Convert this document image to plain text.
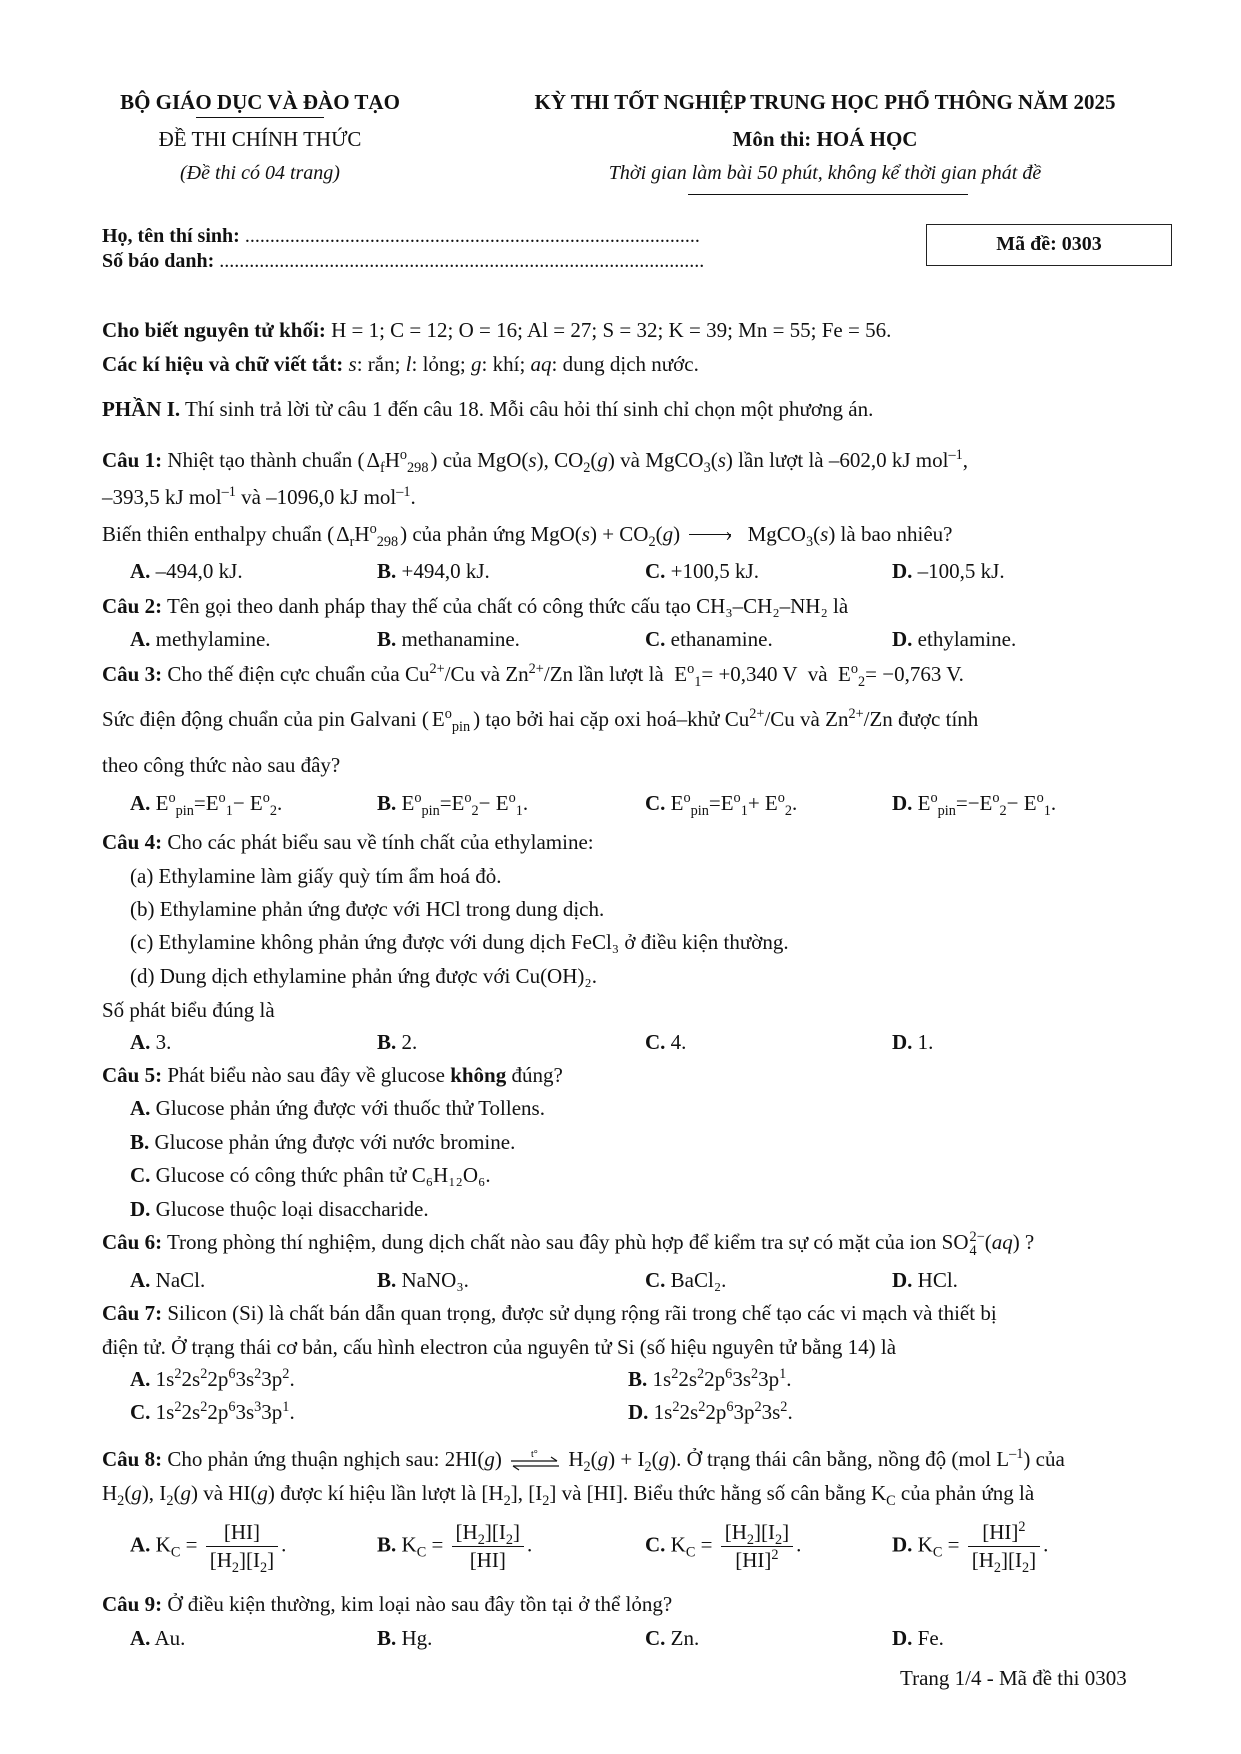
BỘ GIÁO DỤC VÀ ĐÀO TẠO
ĐỀ THI CHÍNH THỨC
(Đề thi có 04 trang)
KỲ THI TỐT NGHIỆP TRUNG HỌC PHỔ THÔNG NĂM 2025
Môn thi: HOÁ HỌC
Thời gian làm bài 50 phút, không kể thời gian phát đề
Họ, tên thí sinh: ...........................................................................................
Số báo danh: .................................................................................................
Mã đề: 0303
Cho biết nguyên tử khối: H = 1; C = 12; O = 16; Al = 27; S = 32; K = 39; Mn = 55; Fe = 56.
Các kí hiệu và chữ viết tắt: s: rắn; l: lỏng; g: khí; aq: dung dịch nước.
PHẦN I. Thí sinh trả lời từ câu 1 đến câu 18. Mỗi câu hỏi thí sinh chỉ chọn một phương án.
Câu 1: Nhiệt tạo thành chuẩn $(\Delta_fH^o_{298})$ của MgO(s), $CO_2(g)$ và MgCO$_3$(s) lần lượt là –602,0 kJ mol$^{-1}$,
–393,5 kJ mol$^{-1}$ và –1096,0 kJ mol$^{-1}$.
Biến thiên enthalpy chuẩn $(\Delta_rH^o_{298})$ của phản ứng $MgO(s) + CO_2(g)$ › MgCO$_3$(s) là bao nhiêu?
A. –494,0 kJ.	B. +494,0 kJ.	C. +100,5 kJ.	D. –100,5 kJ.
Câu 2: Tên gọi theo danh pháp thay thế của chất có công thức cấu tạo CH₃–CH₂–NH₂ là
A. methylamine.	B. methanamine.	C. ethanamine.	D. ethylamine.
Câu 3: Cho thế điện cực chuẩn của $Cu^{2+}/Cu$ và $Zn^{2+}/Zn$ lần lượt là  $E^o_1= +0,340$ V  và  $E^o_2= -0,763$ V.
Sức điện động chuẩn của pin Galvani ( $E^o_{pin}$ ) tạo bởi hai cặp oxi hoá–khử $Cu^{2+}/Cu$ và $Zn^{2+}/Zn$ được tính
theo công thức nào sau đây?
A. $E^o_{pin}=E^o_1- E^o_2$.	B. $E^o_{pin}=E^o_2- E^o_1$.	C. $E^o_{pin}=E^o_1+ E^o_2$.	D. $E^o_{pin}=-E^o_2- E^o_1$.
Câu 4: Cho các phát biểu sau về tính chất của ethylamine:
(a) Ethylamine làm giấy quỳ tím ẩm hoá đỏ.
(b) Ethylamine phản ứng được với HCl trong dung dịch.
(c) Ethylamine không phản ứng được với dung dịch FeCl₃ ở điều kiện thường.
(d) Dung dịch ethylamine phản ứng được với Cu(OH)₂.
Số phát biểu đúng là
A. 3.	B. 2.	C. 4.	D. 1.
Câu 5: Phát biểu nào sau đây về glucose không đúng?
A. Glucose phản ứng được với thuốc thử Tollens.
B. Glucose phản ứng được với nước bromine.
C. Glucose có công thức phân tử C₆H₁₂O₆.
D. Glucose thuộc loại disaccharide.
Câu 6: Trong phòng thí nghiệm, dung dịch chất nào sau đây phù hợp để kiểm tra sự có mặt của ion SO 2−
4 (aq) ?
A. NaCl.	B. NaNO₃.	C. BaCl₂.	D. HCl.
Câu 7: Silicon (Si) là chất bán dẫn quan trọng, được sử dụng rộng rãi trong chế tạo các vi mạch và thiết bị
điện tử. Ở trạng thái cơ bản, cấu hình electron của nguyên tử Si (số hiệu nguyên tử bằng 14) là
A. $1s^22s^22p^63s^23p^2$.	B. $1s^22s^22p^63s^23p^1$.
C. $1s^22s^22p^63s^33p^1$.	D. $1s^22s^22p^63p^23s^2$.
Câu 8: Cho phản ứng thuận nghịch sau: 2HI(g) t° $H_2(g) + I_2(g)$. Ở trạng thái cân bằng, nồng độ (mol $L^{-1}$) của
$H_2(g)$, $I_2(g)$ và HI(g) được kí hiệu lần lượt là $[H_2]$, $[I_2]$ và [HI]. Biểu thức hằng số cân bằng $K_C$ của phản ứng là
A. $K_C = \frac{[HI]}{[H_2][I_2]}$ .	B. $K_C = \frac{[H_2][I_2]}{[HI]}$ .	C. $K_C = \frac{[H_2][I_2]}{[HI]^2}$ .	D. $K_C = \frac{[HI]^2}{[H_2][I_2]}$ .
Câu 9: Ở điều kiện thường, kim loại nào sau đây tồn tại ở thể lỏng?
A. Au.	B. Hg.	C. Zn.	D. Fe.
Trang 1/4 - Mã đề thi 0303
